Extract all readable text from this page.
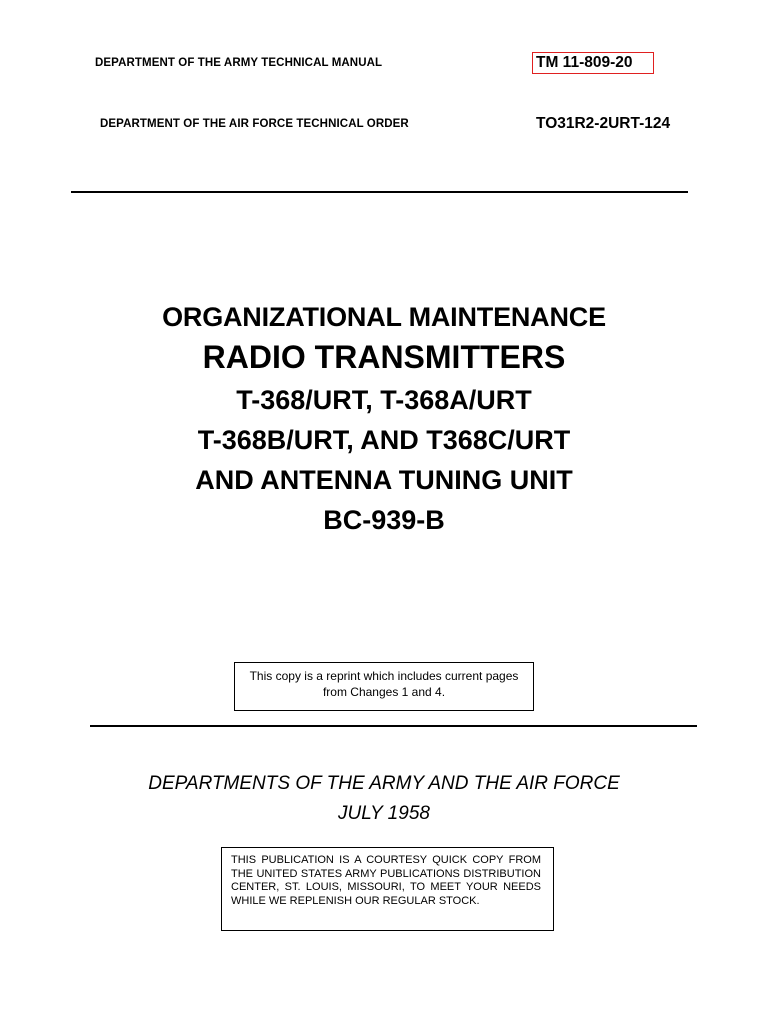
DEPARTMENT OF THE ARMY TECHNICAL MANUAL	TM 11-809-20
DEPARTMENT OF THE AIR FORCE TECHNICAL ORDER	TO31R2-2URT-124
ORGANIZATIONAL MAINTENANCE
RADIO TRANSMITTERS
T-368/URT, T-368A/URT
T-368B/URT, AND T368C/URT
AND ANTENNA TUNING UNIT
BC-939-B
This copy is a reprint which includes current pages from Changes 1 and 4.
DEPARTMENTS OF THE ARMY AND THE AIR FORCE
JULY 1958
THIS PUBLICATION IS A COURTESY QUICK COPY FROM THE UNITED STATES ARMY PUBLICATIONS DISTRIBUTION CENTER, ST. LOUIS, MISSOURI, TO MEET YOUR NEEDS WHILE WE REPLENISH OUR REGULAR STOCK.
